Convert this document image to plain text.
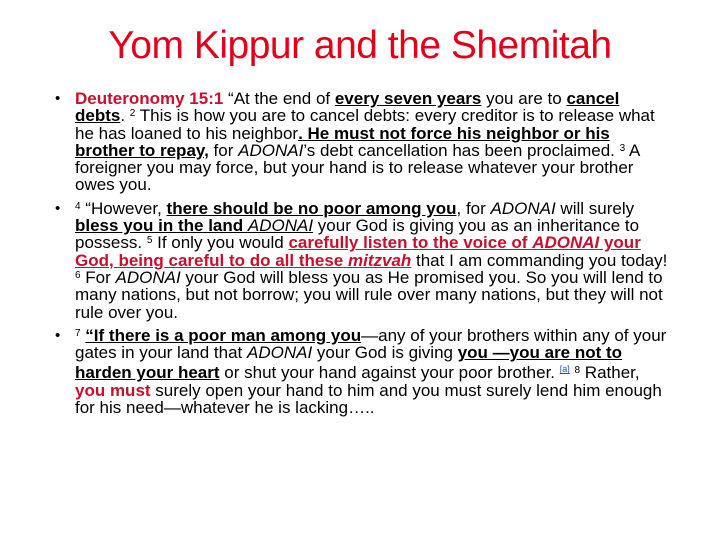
Yom Kippur and the Shemitah
• Deuteronomy 15:1 “At the end of every seven years you are to cancel debts. $^2$ This is how you are to cancel debts: every creditor is to release what he has loaned to his neighbor. He must not force his neighbor or his brother to repay, for ADONAI’s debt cancellation has been proclaimed. $^3$ A foreigner you may force, but your hand is to release whatever your brother owes you.
• $^4$ “However, there should be no poor among you, for ADONAI will surely bless you in the land ADONAI your God is giving you as an inheritance to possess. $^5$ If only you would carefully listen to the voice of ADONAI your God, being careful to do all these mitzvah that I am commanding you today! $^6$ For ADONAI your God will bless you as He promised you. So you will lend to many nations, but not borrow; you will rule over many nations, but they will not rule over you.
• $^7$ “If there is a poor man among you—any of your brothers within any of your gates in your land that ADONAI your God is giving you —you are not to harden your heart or shut your hand against your poor brother. [a] $^8$ Rather, you must surely open your hand to him and you must surely lend him enough for his need—whatever he is lacking…..
